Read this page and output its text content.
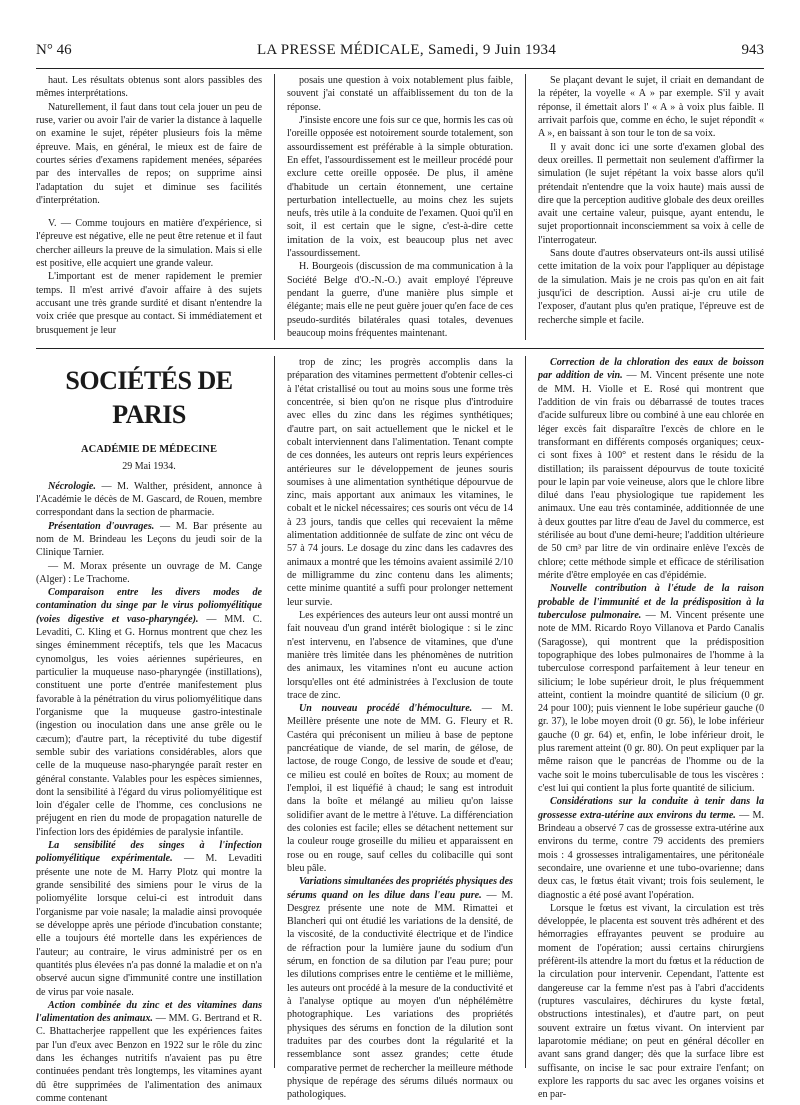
N° 46	LA PRESSE MÉDICALE, Samedi, 9 Juin 1934	943

haut. Les résultats obtenus sont alors passibles des mêmes interprétations.

Naturellement, il faut dans tout cela jouer un peu de ruse, varier ou avoir l'air de varier la distance à laquelle on examine le sujet, répéter plusieurs fois la même épreuve. Mais, en général, le mieux est de faire de courtes séries d'examens rapidement menées, séparées par des intervalles de repos; on supprime ainsi l'adaptation du sujet et diminue ses facilités d'interprétation.

V. — Comme toujours en matière d'expérience, si l'épreuve est négative, elle ne peut être retenue et il faut chercher ailleurs la preuve de la simulation. Mais si elle est positive, elle acquiert une grande valeur.

L'important est de mener rapidement le premier temps. Il m'est arrivé d'avoir affaire à des sujets accusant une très grande surdité et disant n'entendre la voix criée que presque au contact. Si immédiatement et brusquement je leur

posais une question à voix notablement plus faible, souvent j'ai constaté un affaiblissement du ton de la réponse.

J'insiste encore une fois sur ce que, hormis les cas où l'oreille opposée est notoirement sourde totalement, son assourdissement est préférable à la simple obturation. En effet, l'assourdissement est le meilleur procédé pour exclure cette oreille opposée. De plus, il amène d'habitude un certain étonnement, une certaine perturbation intellectuelle, au moins chez les sujets neufs, très utile à la conduite de l'examen. Quoi qu'il en soit, il est certain que le signe, c'est-à-dire cette imitation de la voix, est beaucoup plus net avec l'assourdissement.

H. Bourgeois (discussion de ma communication à la Société Belge d'O.-N.-O.) avait employé l'épreuve pendant la guerre, d'une manière plus simple et élégante; mais elle ne peut guère jouer qu'en face de ces pseudo-surdités bilatérales quasi totales, devenues beaucoup moins fréquentes maintenant.

Se plaçant devant le sujet, il criait en demandant de la répéter, la voyelle « A » par exemple. S'il y avait réponse, il émettait alors l' « A » à voix plus faible. Il arrivait parfois que, comme en écho, le sujet répondît « A », en baissant à son tour le ton de sa voix.

Il y avait donc ici une sorte d'examen global des deux oreilles. Il permettait non seulement d'affirmer la simulation (le sujet répétant la voix basse alors qu'il prétendait n'entendre que la voix haute) mais aussi de dire que la perception auditive globale des deux oreilles avait une certaine valeur, puisque, ayant entendu, le sujet proportionnait inconsciemment sa voix à celle de l'interrogateur.

Sans doute d'autres observateurs ont-ils aussi utilisé cette imitation de la voix pour l'appliquer au dépistage de la simulation. Mais je ne crois pas qu'on en ait fait jusqu'ici de description. Aussi ai-je cru utile de l'exposer, d'autant plus qu'en pratique, l'épreuve est de recherche simple et facile.

SOCIÉTÉS DE PARIS
ACADÉMIE DE MÉDECINE
29 Mai 1934.

Nécrologie. — M. Walther, président, annonce à l'Académie le décès de M. Gascard, de Rouen, membre correspondant dans la section de pharmacie.

Présentation d'ouvrages. — M. Bar présente au nom de M. Brindeau les Leçons du jeudi soir de la Clinique Tarnier.

— M. Morax présente un ouvrage de M. Cange (Alger) : Le Trachome.

Comparaison entre les divers modes de contamination du singe par le virus poliomyélitique (voies digestive et vaso-pharyngée). — MM. C. Levaditi, C. Kling et G. Hornus montrent que chez les singes éminemment réceptifs, tels que les Macacus cynomolgus, les voies aériennes supérieures, en particulier la muqueuse naso-pharyngée (instillations), constituent une porte d'entrée manifestement plus favorable à la pénétration du virus poliomyélitique dans l'organisme que la muqueuse gastro-intestinale (ingestion ou inoculation dans une anse grêle ou le cæcum); d'autre part, la réceptivité du tube digestif semble subir des variations considérables, alors que celle de la muqueuse naso-pharyngée paraît rester en général constante. Valables pour les espèces simiennes, dont la sensibilité à l'égard du virus poliomyélitique est loin d'égaler celle de l'homme, ces conclusions ne préjugent en rien du mode de propagation naturelle de l'infection lors des épidémies de paralysie infantile.

La sensibilité des singes à l'infection poliomyélitique expérimentale. — M. Levaditi présente une note de M. Harry Plotz qui montre la grande sensibilité des simiens pour le virus de la poliomyélite lorsque celui-ci est introduit dans l'organisme par voie nasale; la maladie ainsi provoquée se développe après une période d'incubation constante; elle a toujours été mortelle dans les expériences de l'auteur; au contraire, le virus administré per os en quantités plus élevées n'a pas donné la maladie et on n'a observé aucun signe d'immunité contre une instillation de virus par voie nasale.

Action combinée du zinc et des vitamines dans l'alimentation des animaux. — MM. G. Bertrand et R. C. Bhattacherjee rappellent que les expériences faites par l'un d'eux avec Benzon en 1922 sur le rôle du zinc dans les échanges nutritifs n'avaient pas pu être continuées pendant très longtemps, les vitamines ayant dû être supprimées de l'alimentation des animaux comme contenant

trop de zinc; les progrès accomplis dans la préparation des vitamines permettent d'obtenir celles-ci à l'état cristallisé ou tout au moins sous une forme très concentrée, si bien qu'on ne risque plus d'introduire avec elles du zinc dans les régimes synthétiques; d'autre part, on sait actuellement que le nickel et le cobalt interviennent dans l'alimentation. Tenant compte de ces données, les auteurs ont repris leurs expériences antérieures sur le développement de jeunes souris soumises à une alimentation synthétique dépourvue de zinc, mais apportant aux animaux les vitamines, le cobalt et le nickel nécessaires; ces souris ont vécu de 14 à 23 jours, tandis que celles qui recevaient la même alimentation additionnée de sulfate de zinc ont vécu de 57 à 74 jours. Le dosage du zinc dans les cadavres des animaux a montré que les témoins avaient assimilé 2/10 de milligramme du zinc contenu dans les aliments; cette minime quantité a suffi pour prolonger nettement leur survie.

Les expériences des auteurs leur ont aussi montré un fait nouveau d'un grand intérêt biologique : si le zinc n'est intervenu, en l'absence de vitamines, que d'une manière très limitée dans les phénomènes de nutrition des animaux, les vitamines n'ont eu aucune action lorsqu'elles ont été administrées à l'exclusion de toute trace de zinc.

Un nouveau procédé d'hémoculture. — M. Meillère présente une note de MM. G. Fleury et R. Castéra qui préconisent un milieu à base de peptone pancréatique de viande, de sel marin, de gélose, de lactose, de rouge Congo, de lessive de soude et d'eau; ce milieu est coulé en boîtes de Roux; au moment de l'emploi, il est liquéfié à chaud; le sang est introduit dans la boîte et mélangé au milieu qu'on laisse solidifier avant de le mettre à l'étuve. La différenciation des colonies est facile; elles se détachent nettement sur la couleur rouge groseille du milieu et apparaissent en rose ou en rouge, sauf celles du colibacille qui sont bleu pâle.

Variations simultanées des propriétés physiques des sérums quand on les dilue dans l'eau pure. — M. Desgrez présente une note de MM. Rimattei et Blancheri qui ont étudié les variations de la densité, de la viscosité, de la conductivité électrique et de l'indice de réfraction pour la lumière jaune du sodium d'un sérum, en fonction de sa dilution par l'eau pure; pour les dilutions comprises entre le centième et le millième, les auteurs ont procédé à la mesure de la conductivité et à l'analyse optique au moyen d'un néphélémètre photographique. Les variations des propriétés physiques des sérums en fonction de la dilution sont traduites par des courbes dont la régularité et la ressemblance sont assez grandes; cette étude comparative permet de rechercher la meilleure méthode physique de repérage des sérums dilués normaux ou pathologiques.

Correction de la chloration des eaux de boisson par addition de vin. — M. Vincent présente une note de MM. H. Violle et E. Rosé qui montrent que l'addition de vin frais ou débarrassé de toutes traces d'acide sulfureux libre ou combiné à une eau chlorée en léger excès fait disparaître l'excès de chlore en le transformant en différents composés organiques; ceux-ci sont fixes à 100° et restent dans le résidu de la distillation; ils paraissent dépourvus de toute toxicité pour le lapin par voie veineuse, alors que le chlore libre dilué dans l'eau physiologique tue rapidement les animaux. Une eau très contaminée, additionnée de une à deux gouttes par litre d'eau de Javel du commerce, est stérilisée au bout d'une demi-heure; l'addition ultérieure de 50 cm³ par litre de vin ordinaire enlève l'excès de chlore; cette méthode simple et efficace de stérilisation mérite d'être employée en cas d'épidémie.

Nouvelle contribution à l'étude de la raison probable de l'immunité et de la prédisposition à la tuberculose pulmonaire. — M. Vincent présente une note de MM. Ricardo Royo Villanova et Pardo Canalis (Saragosse), qui montrent que la prédisposition topographique des lobes pulmonaires de l'homme à la tuberculose correspond parfaitement à leur teneur en silicium; le lobe supérieur droit, le plus fréquemment atteint, contient la moindre quantité de silicium (0 gr. 24 pour 100); puis viennent le lobe supérieur gauche (0 gr. 37), le lobe moyen droit (0 gr. 56), le lobe inférieur gauche (0 gr. 64) et, enfin, le lobe inférieur droit, le plus rarement atteint (0 gr. 80). On peut expliquer par la même raison que le pancréas de l'homme ou de la vache soit le moins tuberculisable de tous les viscères : c'est lui qui contient la plus forte quantité de silicium.

Considérations sur la conduite à tenir dans la grossesse extra-utérine aux environs du terme. — M. Brindeau a observé 7 cas de grossesse extra-utérine aux environs du terme, contre 79 accidents des premiers mois : 4 grossesses intraligamentaires, une péritonéale secondaire, une ovarienne et une tubo-ovarienne; dans deux cas, le fœtus était vivant; trois fois seulement, le diagnostic a été posé avant l'opération.

Lorsque le fœtus est vivant, la circulation est très développée, le placenta est souvent très adhérent et des hémorragies effrayantes peuvent se produire au moment de l'opération; aussi certains chirurgiens préfèrent-ils attendre la mort du fœtus et la réduction de la circulation pour intervenir. Cependant, l'attente est dangereuse car la femme n'est pas à l'abri d'accidents (ruptures vasculaires, déchirures du kyste fœtal, obstructions intestinales), et d'autre part, on peut souvent extraire un fœtus vivant. On intervient par laparotomie médiane; on peut en général décoller en avant sans grand danger; dès que la surface libre est suffisante, on incise le sac pour extraire l'enfant; on explore les rapports du sac avec les organes voisins et en par-
